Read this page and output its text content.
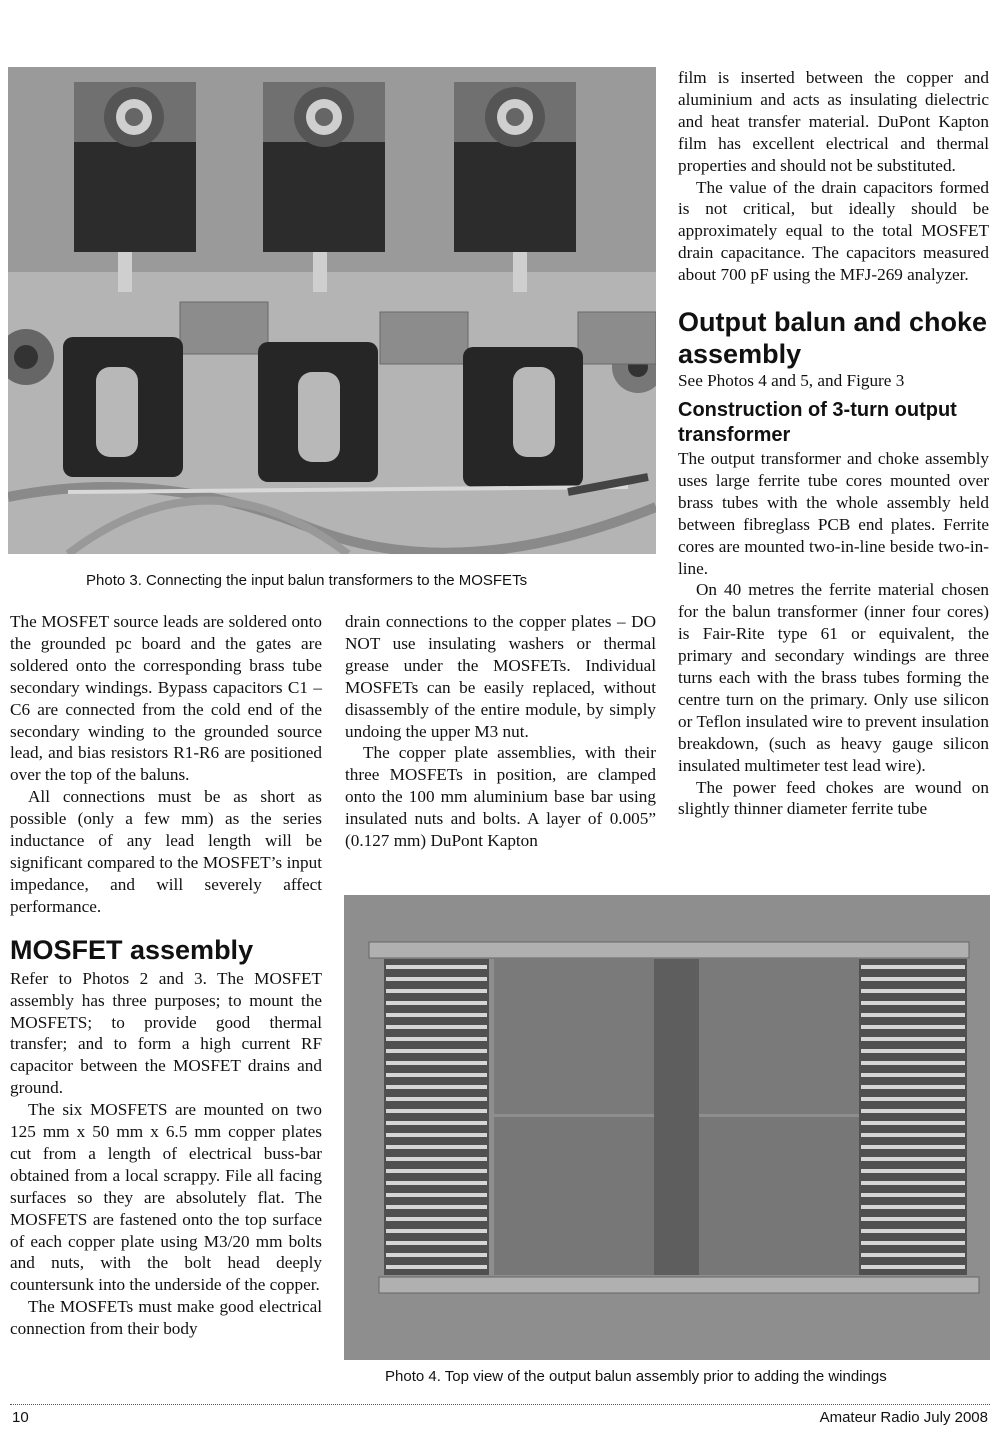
Photo 3. Connecting the input balun transformers to the MOSFETs

The MOSFET source leads are soldered onto the grounded pc board and the gates are soldered onto the corresponding brass tube secondary windings. Bypass capacitors C1 – C6 are connected from the cold end of the secondary winding to the grounded source lead, and bias resistors R1-R6 are positioned over the top of the baluns.

All connections must be as short as possible (only a few mm) as the series inductance of any lead length will be significant compared to the MOSFET’s input impedance, and will severely affect performance.

MOSFET assembly

Refer to Photos 2 and 3. The MOSFET assembly has three purposes; to mount the MOSFETS; to provide good thermal transfer; and to form a high current RF capacitor between the MOSFET drains and ground.

The six MOSFETS are mounted on two 125 mm x 50 mm x 6.5 mm copper plates cut from a length of electrical buss-bar obtained from a local scrappy. File all facing surfaces so they are absolutely flat. The MOSFETS are fastened onto the top surface of each copper plate using M3/20 mm bolts and nuts, with the bolt head deeply countersunk into the underside of the copper.

The MOSFETs must make good electrical connection from their body

drain connections to the copper plates – DO NOT use insulating washers or thermal grease under the MOSFETs. Individual MOSFETs can be easily replaced, without disassembly of the entire module, by simply undoing the upper M3 nut.

The copper plate assemblies, with their three MOSFETs in position, are clamped onto the 100 mm aluminium base bar using insulated nuts and bolts. A layer of 0.005” (0.127 mm) DuPont Kapton

film is inserted between the copper and aluminium and acts as insulating dielectric and heat transfer material. DuPont Kapton film has excellent electrical and thermal properties and should not be substituted.

The value of the drain capacitors formed is not critical, but ideally should be approximately equal to the total MOSFET drain capacitance. The capacitors measured about 700 pF using the MFJ-269 analyzer.

Output balun and choke assembly

See Photos 4 and 5, and Figure 3

Construction of 3-turn output transformer

The output transformer and choke assembly uses large ferrite tube cores mounted over brass tubes with the whole assembly held between fibreglass PCB end plates. Ferrite cores are mounted two-in-line beside two-in-line.

On 40 metres the ferrite material chosen for the balun transformer (inner four cores) is Fair-Rite type 61 or equivalent, the primary and secondary windings are three turns each with the brass tubes forming the centre turn on the primary. Only use silicon or Teflon insulated wire to prevent insulation breakdown, (such as heavy gauge silicon insulated multimeter test lead wire).

The power feed chokes are wound on slightly thinner diameter ferrite tube

Photo 4. Top view of the output balun assembly prior to adding the windings
10	Amateur Radio July 2008
